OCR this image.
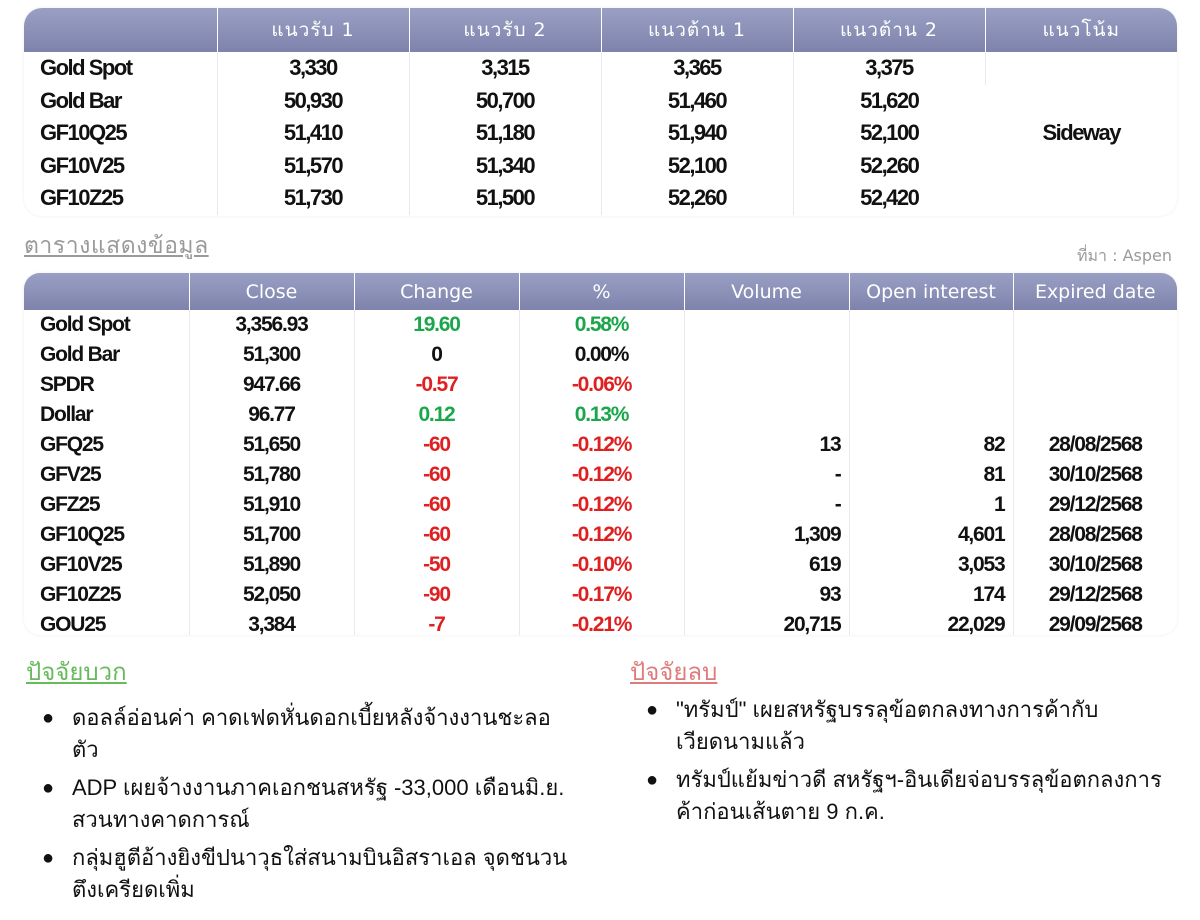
	แนวรับ 1	แนวรับ 2	แนวต้าน 1	แนวต้าน 2	แนวโน้ม
Gold Spot	3,330	3,315	3,365	3,375	Sideway
Gold Bar	50,930	50,700	51,460	51,620	
GF10Q25	51,410	51,180	51,940	52,100	
GF10V25	51,570	51,340	52,100	52,260	
GF10Z25	51,730	51,500	52,260	52,420	
ตารางแสดงข้อมูล	ที่มา : Aspen
	Close	Change	%	Volume	Open interest	Expired date
Gold Spot	3,356.93	19.60	0.58%			
Gold Bar	51,300	0	0.00%			
SPDR	947.66	-0.57	-0.06%			
Dollar	96.77	0.12	0.13%			
GFQ25	51,650	-60	-0.12%	13	82	28/08/2568
GFV25	51,780	-60	-0.12%	-	81	30/10/2568
GFZ25	51,910	-60	-0.12%	-	1	29/12/2568
GF10Q25	51,700	-60	-0.12%	1,309	4,601	28/08/2568
GF10V25	51,890	-50	-0.10%	619	3,053	30/10/2568
GF10Z25	52,050	-90	-0.17%	93	174	29/12/2568
GOU25	3,384	-7	-0.21%	20,715	22,029	29/09/2568
ปัจจัยบวก
● ดอลล์อ่อนค่า คาดเฟดหั่นดอกเบี้ยหลังจ้างงานชะลอตัว
● ADP เผยจ้างงานภาคเอกชนสหรัฐ -33,000 เดือนมิ.ย. สวนทางคาดการณ์
● กลุ่มฮูตีอ้างยิงขีปนาวุธใส่สนามบินอิสราเอล จุดชนวนตึงเครียดเพิ่ม
ปัจจัยลบ
● "ทรัมป์" เผยสหรัฐบรรลุข้อตกลงทางการค้ากับเวียดนามแล้ว
● ทรัมป์แย้มข่าวดี สหรัฐฯ-อินเดียจ่อบรรลุข้อตกลงการค้าก่อนเส้นตาย 9 ก.ค.
